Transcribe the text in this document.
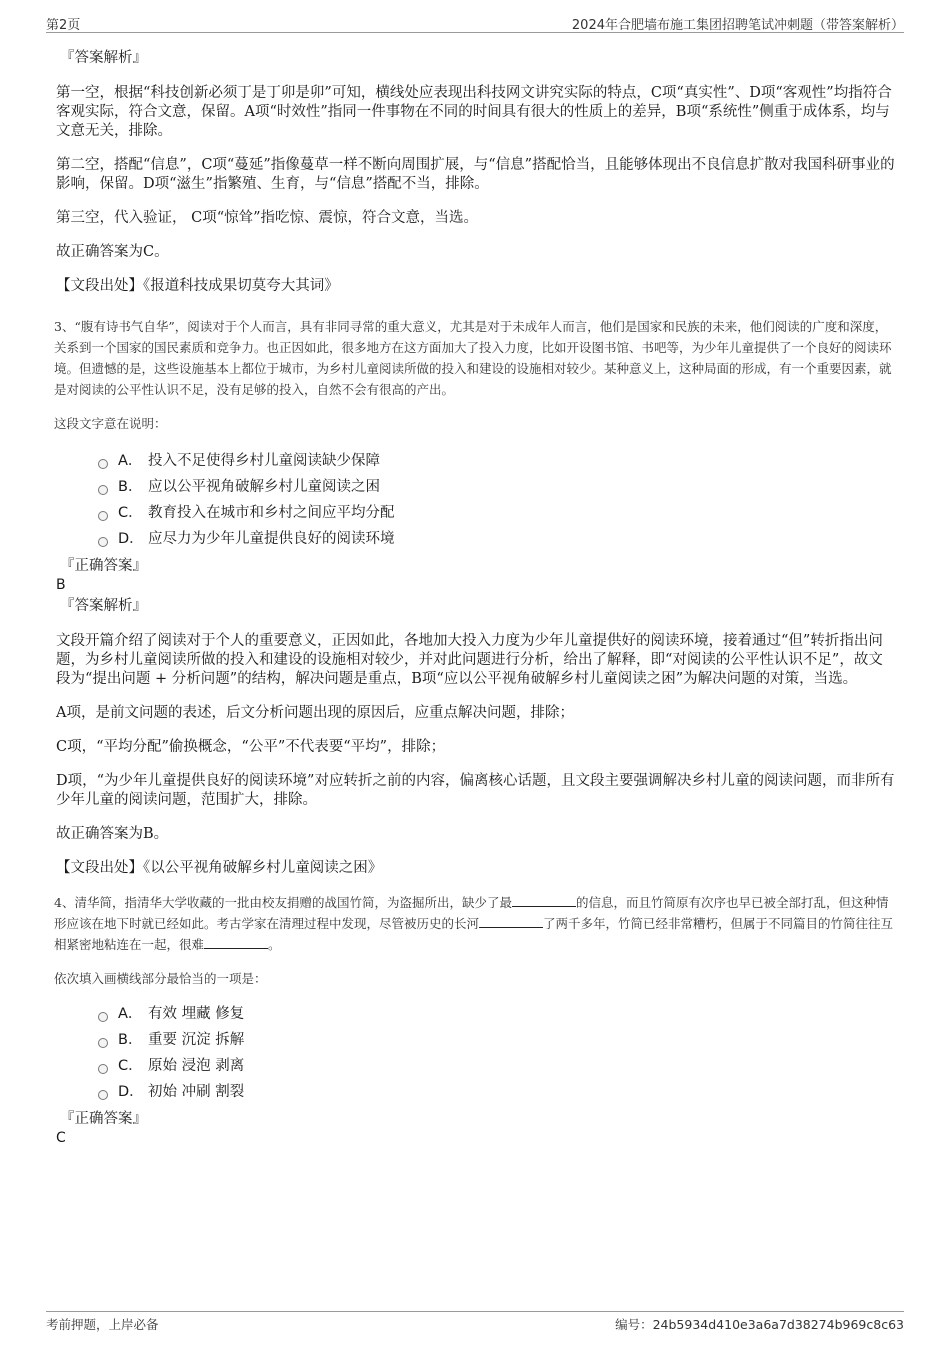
第2页	2024年合肥墙布施工集团招聘笔试冲刺题（带答案解析）
『答案解析』

第一空，根据“科技创新必须丁是丁卯是卯”可知，横线处应表现出科技网文讲究实际的特点，C项“真实性”、D项“客观性”均指符合客观实际，符合文意，保留。A项“时效性”指同一件事物在不同的时间具有很大的性质上的差异，B项“系统性”侧重于成体系，均与文意无关，排除。

第二空，搭配“信息”，C项“蔓延”指像蔓草一样不断向周围扩展，与“信息”搭配恰当，且能够体现出不良信息扩散对我国科研事业的影响，保留。D项“滋生”指繁殖、生育，与“信息”搭配不当，排除。

第三空，代入验证， C项“惊耸”指吃惊、震惊，符合文意，当选。

故正确答案为C。

【文段出处】《报道科技成果切莫夸大其词》

3、“腹有诗书气自华”，阅读对于个人而言，具有非同寻常的重大意义，尤其是对于未成年人而言，他们是国家和民族的未来，他们阅读的广度和深度，关系到一个国家的国民素质和竞争力。也正因如此，很多地方在这方面加大了投入力度，比如开设图书馆、书吧等，为少年儿童提供了一个良好的阅读环境。但遗憾的是，这些设施基本上都位于城市，为乡村儿童阅读所做的投入和建设的设施相对较少。某种意义上，这种局面的形成，有一个重要因素，就是对阅读的公平性认识不足，没有足够的投入，自然不会有很高的产出。

这段文字意在说明：

A． 投入不足使得乡村儿童阅读缺少保障
B． 应以公平视角破解乡村儿童阅读之困
C． 教育投入在城市和乡村之间应平均分配
D． 应尽力为少年儿童提供良好的阅读环境
『正确答案』
B
『答案解析』

文段开篇介绍了阅读对于个人的重要意义，正因如此，各地加大投入力度为少年儿童提供好的阅读环境，接着通过“但”转折指出问题，为乡村儿童阅读所做的投入和建设的设施相对较少，并对此问题进行分析，给出了解释，即“对阅读的公平性认识不足”，故文段为“提出问题 + 分析问题”的结构，解决问题是重点，B项“应以公平视角破解乡村儿童阅读之困”为解决问题的对策，当选。

A项，是前文问题的表述，后文分析问题出现的原因后，应重点解决问题，排除；

C项，“平均分配”偷换概念，“公平”不代表要“平均”，排除；

D项，“为少年儿童提供良好的阅读环境”对应转折之前的内容，偏离核心话题，且文段主要强调解决乡村儿童的阅读问题，而非所有少年儿童的阅读问题，范围扩大，排除。

故正确答案为B。

【文段出处】《以公平视角破解乡村儿童阅读之困》

4、清华简，指清华大学收藏的一批由校友捐赠的战国竹简，为盗掘所出，缺少了最	的信息，而且竹简原有次序也早已被全部打乱，但这种情形应该在地下时就已经如此。考古学家在清理过程中发现，尽管被历史的长河	了两千多年，竹简已经非常糟朽，但属于不同篇目的竹简往往互相紧密地粘连在一起，很难	。

依次填入画横线部分最恰当的一项是：

A． 有效 埋藏 修复
B． 重要 沉淀 拆解
C． 原始 浸泡 剥离
D． 初始 冲刷 割裂
『正确答案』
C
考前押题，上岸必备	编号：24b5934d410e3a6a7d38274b969c8c63
